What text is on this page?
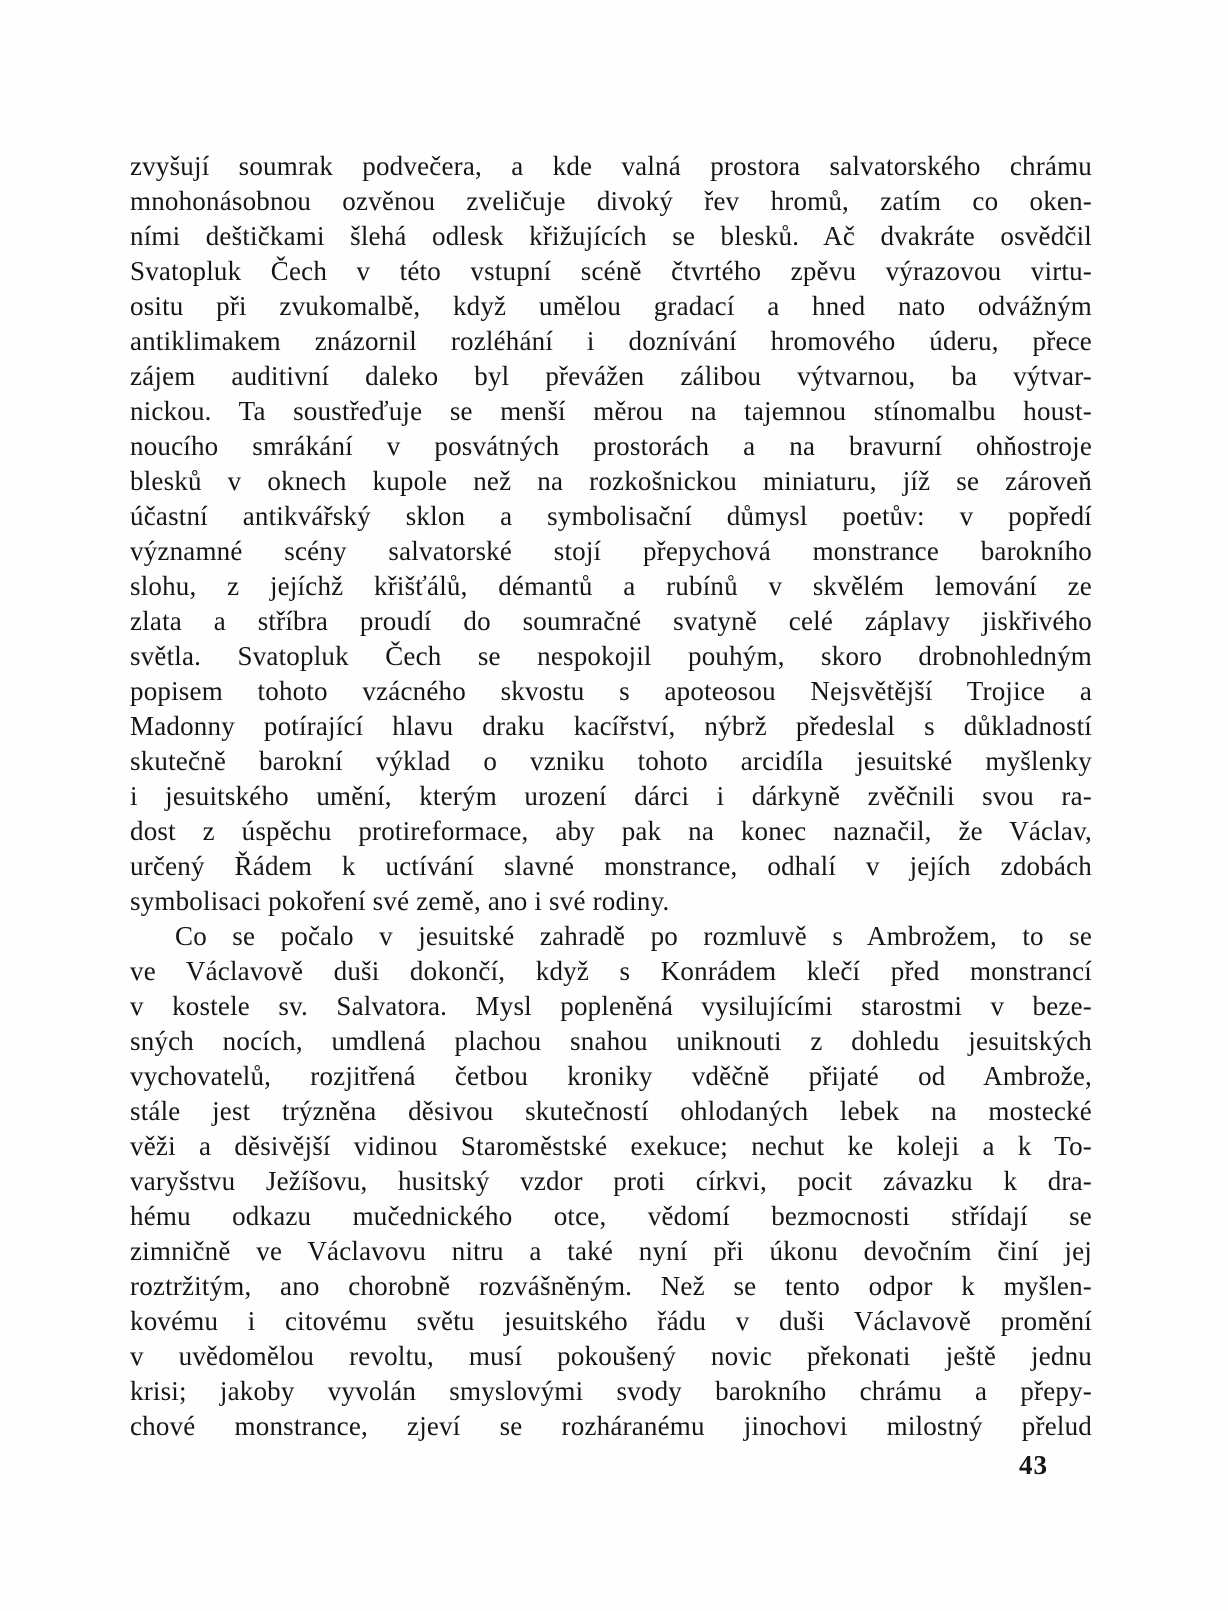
zvyšují soumrak podvečera, a kde valná prostora salvatorského chrámu
mnohonásobnou ozvěnou zveličuje divoký řev hromů, zatím co oken-
ními deštičkami šlehá odlesk křižujících se blesků. Ač dvakráte osvědčil
Svatopluk Čech v této vstupní scéně čtvrtého zpěvu výrazovou virtu-
ositu při zvukomalbě, když umělou gradací a hned nato odvážným
antiklimakem znázornil rozléhání i doznívání hromového úderu, přece
zájem auditivní daleko byl převážen zálibou výtvarnou, ba výtvar-
nickou. Ta soustřeďuje se menší měrou na tajemnou stínomalbu houst-
noucího smrákání v posvátných prostorách a na bravurní ohňostroje
blesků v oknech kupole než na rozkošnickou miniaturu, jíž se zároveň
účastní antikvářský sklon a symbolisační důmysl poetův: v popředí
významné scény salvatorské stojí přepychová monstrance barokního
slohu, z jejíchž křišťálů, démantů a rubínů v skvělém lemování ze
zlata a stříbra proudí do soumračné svatyně celé záplavy jiskřivého
světla. Svatopluk Čech se nespokojil pouhým, skoro drobnohledným
popisem tohoto vzácného skvostu s apoteosou Nejsvětější Trojice a
Madonny potírající hlavu draku kacířství, nýbrž předeslal s důkladností
skutečně barokní výklad o vzniku tohoto arcidíla jesuitské myšlenky
i jesuitského umění, kterým urození dárci i dárkyně zvěčnili svou ra-
dost z úspěchu protireformace, aby pak na konec naznačil, že Václav,
určený Řádem k uctívání slavné monstrance, odhalí v jejích zdobách
symbolisaci pokoření své země, ano i své rodiny.
Co se počalo v jesuitské zahradě po rozmluvě s Ambrožem, to se
ve Václavově duši dokončí, když s Konrádem klečí před monstrancí
v kostele sv. Salvatora. Mysl popleněná vysilujícími starostmi v beze-
sných nocích, umdlená plachou snahou uniknouti z dohledu jesuitských
vychovatelů, rozjitřená četbou kroniky vděčně přijaté od Ambrože,
stále jest trýzněna děsivou skutečností ohlodaných lebek na mostecké
věži a děsivější vidinou Staroměstské exekuce; nechut ke koleji a k To-
varyšstvu Ježíšovu, husitský vzdor proti církvi, pocit závazku k dra-
hému odkazu mučednického otce, vědomí bezmocnosti střídají se
zimničně ve Václavovu nitru a také nyní při úkonu devočním činí jej
roztržitým, ano chorobně rozvášněným. Než se tento odpor k myšlen-
kovému i citovému světu jesuitského řádu v duši Václavově promění
v uvědomělou revoltu, musí pokoušený novic překonati ještě jednu
krisi; jakoby vyvolán smyslovými svody barokního chrámu a přepy-
chové monstrance, zjeví se rozháranému jinochovi milostný přelud
43
